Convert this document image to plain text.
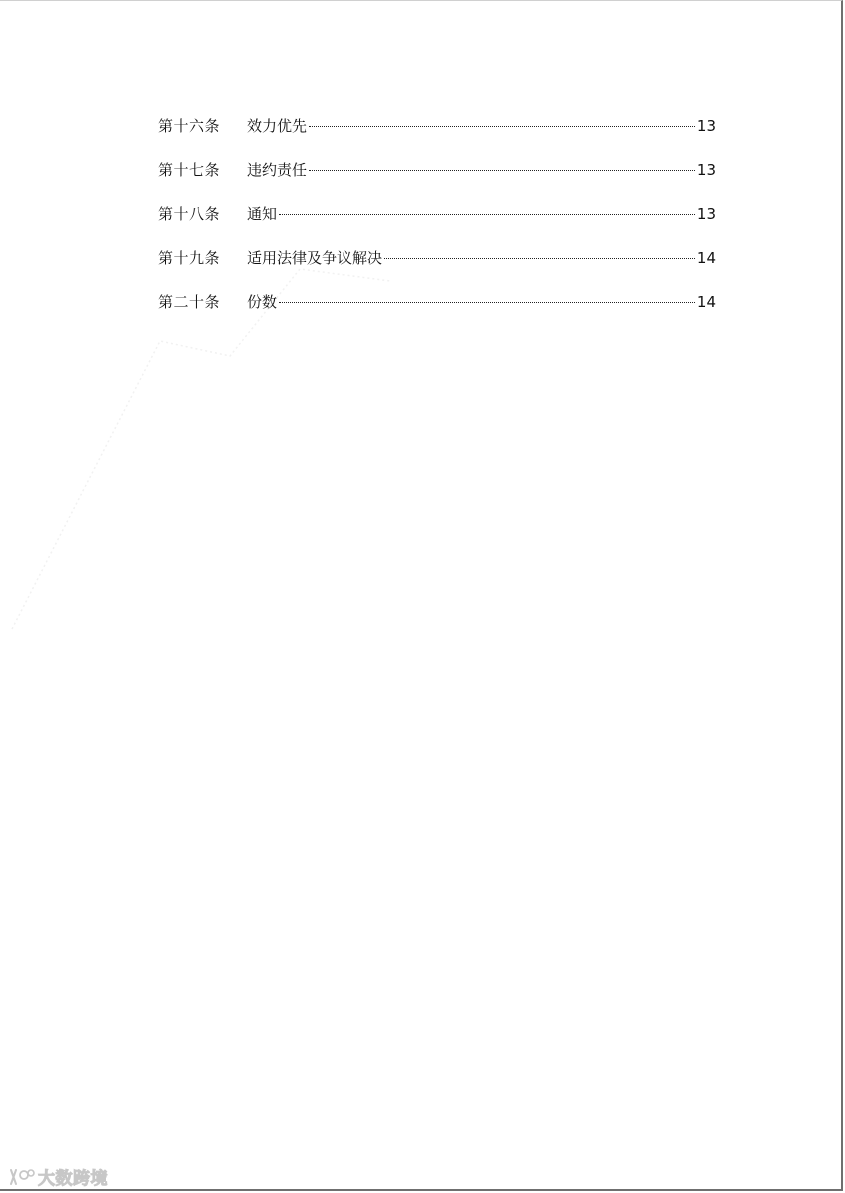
第十六条	效力优先	13
第十七条	违约责任	13
第十八条	通知	13
第十九条	适用法律及争议解决	14
第二十条	份数	14
大数跨境
